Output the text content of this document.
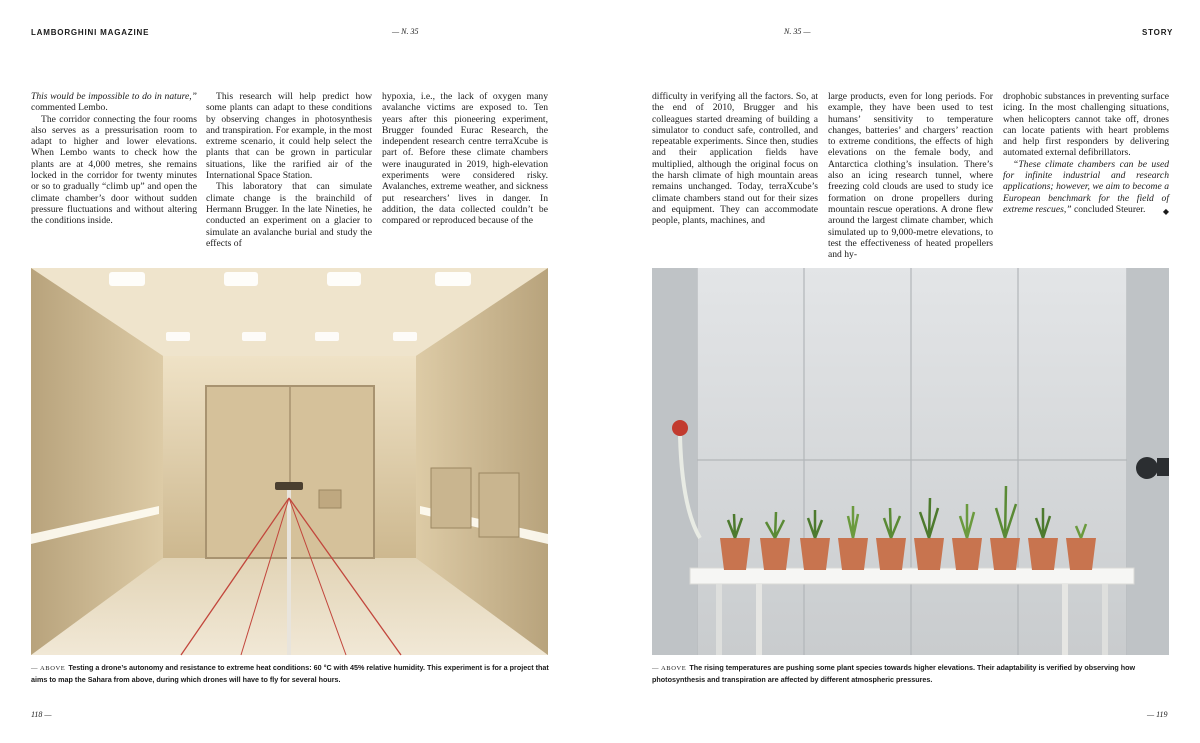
LAMBORGHINI MAGAZINE	— N. 35

This would be impossible to do in nature,” commented Lembo.

The corridor connecting the four rooms also serves as a pressurisation room to adapt to higher and lower elevations. When Lembo wants to check how the plants are at 4,000 metres, she remains locked in the corridor for twenty minutes or so to gradually “climb up” and open the climate chamber’s door without sudden pressure fluctuations and without altering the conditions inside.

This research will help predict how some plants can adapt to these conditions by observing changes in photosynthesis and transpiration. For example, in the most extreme scenario, it could help select the plants that can be grown in particular situations, like the rarified air of the International Space Station.

This laboratory that can simulate climate change is the brainchild of Hermann Brugger. In the late Nineties, he conducted an experiment on a glacier to simulate an avalanche burial and study the effects of

hypoxia, i.e., the lack of oxygen many avalanche victims are exposed to. Ten years after this pioneering experiment, Brugger founded Eurac Research, the independent research centre terraXcube is part of. Before these climate chambers were inaugurated in 2019, high-elevation experiments were considered risky. Avalanches, extreme weather, and sickness put researchers’ lives in danger. In addition, the data collected couldn’t be compared or reproduced because of the

— ABOVE Testing a drone’s autonomy and resistance to extreme heat conditions: 60 °C with 45% relative humidity. This experiment is for a project that aims to map the Sahara from above, during which drones will have to fly for several hours.
118 —
N. 35 —	STORY

difficulty in verifying all the factors. So, at the end of 2010, Brugger and his colleagues started dreaming of building a simulator to conduct safe, controlled, and repeatable experiments. Since then, studies and their application fields have multiplied, although the original focus on the harsh climate of high mountain areas remains unchanged. Today, terraXcube’s climate chambers stand out for their sizes and equipment. They can accommodate people, plants, machines, and

large products, even for long periods. For example, they have been used to test humans’ sensitivity to temperature changes, batteries’ and chargers’ reaction to extreme conditions, the effects of high elevations on the female body, and Antarctica clothing’s insulation. There’s also an icing research tunnel, where freezing cold clouds are used to study ice formation on drone propellers during mountain rescue operations. A drone flew around the largest climate chamber, which simulated up to 9,000-metre elevations, to test the effectiveness of heated propellers and hy-

drophobic substances in preventing surface icing. In the most challenging situations, when helicopters cannot take off, drones can locate patients with heart problems and help first responders by delivering automated external defibrillators.

“These climate chambers can be used for infinite industrial and research applications; however, we aim to become a European benchmark for the field of extreme rescues,” concluded Steurer.	◆

— ABOVE The rising temperatures are pushing some plant species towards higher elevations. Their adaptability is verified by observing how photosynthesis and transpiration are affected by different atmospheric pressures.
— 119
